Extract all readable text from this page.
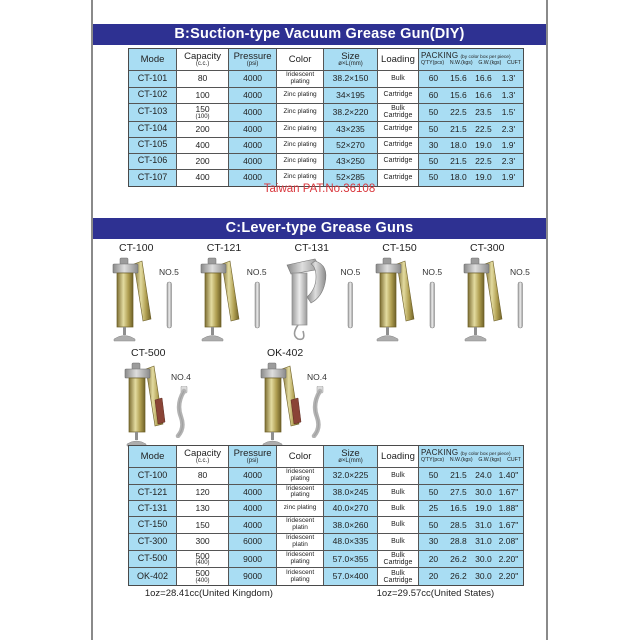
B:Suction-type Vacuum Grease Gun(DIY)
Mode Capacity
(c.c.)
Pressure
(psi)	Color	Size
ø×L(mm) Loading PACKING (by color box per piece)
Q'TY(pcs) N.W.(kgs) G.W.(kgs) CUFT
CT-101	80	4000	Iridescent plating	38.2×150	Bulk	60	15.6 16.6	1.3'
CT-102	100	4000	Zinc plating 34×195	Cartridge	60	15.6 16.6	1.3'
CT-103	150
(100)	4000	Zinc plating 38.2×220	Bulk Cartridge	50	22.5 23.5	1.5'
CT-104	200	4000	Zinc plating 43×235	Cartridge	50	21.5 22.5	2.3'
CT-105	400	4000	Zinc plating 52×270	Cartridge	30	18.0 19.0	1.9'
CT-106	200	4000	Zinc plating 43×250	Cartridge	50	21.5 22.5	2.3'
CT-107	400	4000	Zinc plating 52×285	Cartridge	50	18.0 19.0	1.9'
Taiwan PAT.No.36108
C:Lever-type Grease Guns
CT-100
NO.5
CT-121
NO.5
CT-131
NO.5
CT-150
NO.5
CT-300
NO.5
CT-500
NO.4
OK-402
NO.4
Mode Capacity
(c.c.)
Pressure
(psi)	Color	Size
ø×L(mm) Loading PACKING (by color box per piece)
Q'TY(pcs) N.W.(kgs) G.W.(kgs) CUFT
CT-100	80	4000	Iridescent plating	32.0×225	Bulk	50	21.5 24.0 1.40"
CT-121	120	4000	Iridescent plating	38.0×245	Bulk	50	27.5 30.0 1.67"
CT-131	130	4000	zinc plating 40.0×270	Bulk	25	16.5 19.0 1.88"
CT-150	150	4000	Iridescent platin	38.0×260	Bulk	50	28.5 31.0 1.67"
CT-300	300	6000	Iridescent platin	48.0×335	Bulk	30	28.8 31.0 2.08"
CT-500	500
(400)	9000	Iridescent plating	57.0×355	Bulk Cartridge	20	26.2 30.0 2.20"
OK-402	500
(400)	9000	Iridescent plating	57.0×400	Bulk Cartridge	20	26.2 30.0 2.20"
1oz=28.41cc(United Kingdom)	1oz=29.57cc(United States)
